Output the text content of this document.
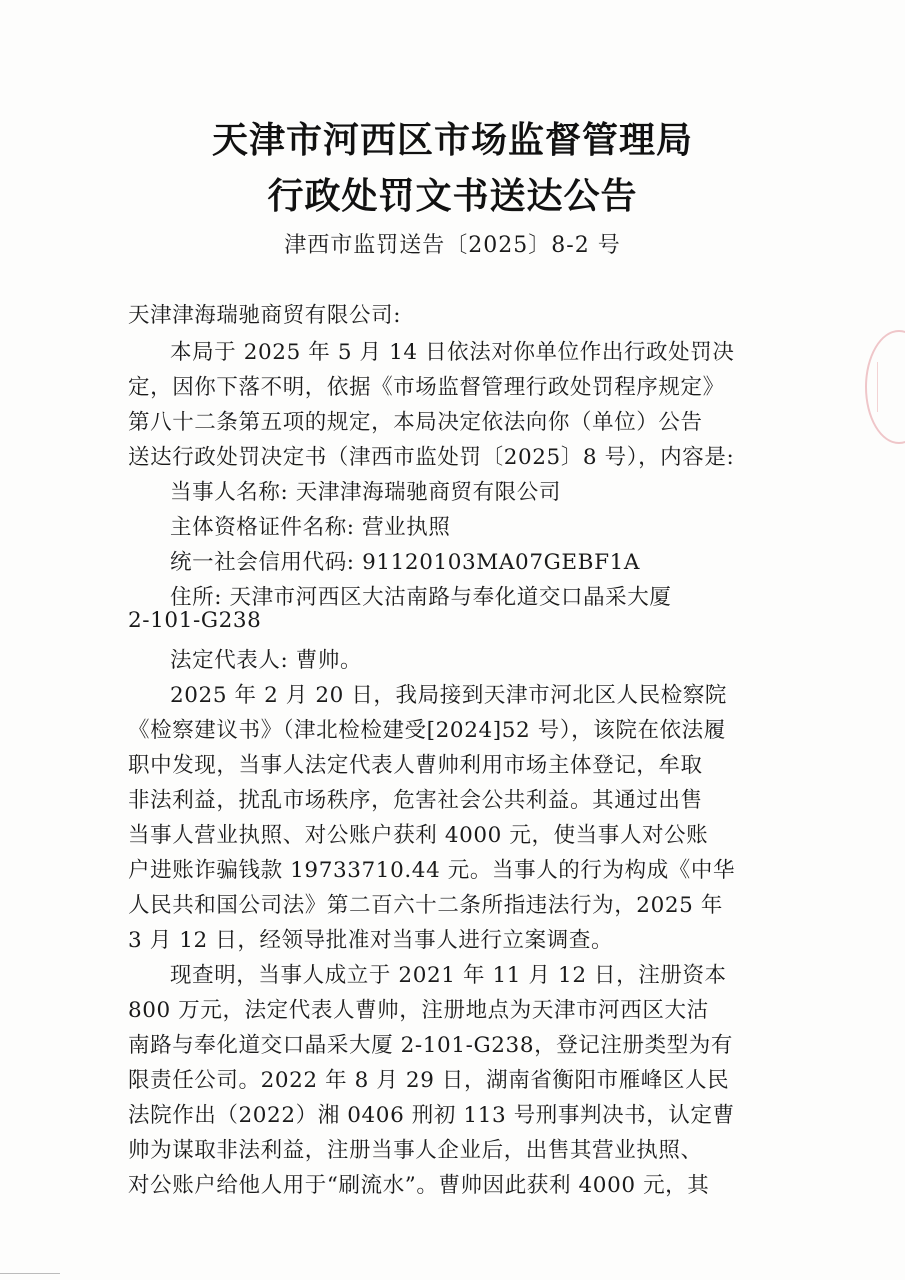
天津市河西区市场监督管理局
行政处罚文书送达公告
津西市监罚送告〔2025〕8-2 号
天津津海瑞驰商贸有限公司:
本局于 2025 年 5 月 14 日依法对你单位作出行政处罚决
定，因你下落不明，依据《市场监督管理行政处罚程序规定》
第八十二条第五项的规定，本局决定依法向你（单位）公告
送达行政处罚决定书（津西市监处罚〔2025〕8 号），内容是:
当事人名称: 天津津海瑞驰商贸有限公司
主体资格证件名称: 营业执照
统一社会信用代码: 91120103MA07GEBF1A
住所: 天津市河西区大沽南路与奉化道交口晶采大厦
2-101-G238
法定代表人: 曹帅。
2025 年 2 月 20 日，我局接到天津市河北区人民检察院
《检察建议书》（津北检检建受[2024]52 号），该院在依法履
职中发现，当事人法定代表人曹帅利用市场主体登记，牟取
非法利益，扰乱市场秩序，危害社会公共利益。其通过出售
当事人营业执照、对公账户获利 4000 元，使当事人对公账
户进账诈骗钱款 19733710.44 元。当事人的行为构成《中华
人民共和国公司法》第二百六十二条所指违法行为，2025 年
3 月 12 日，经领导批准对当事人进行立案调查。
现查明，当事人成立于 2021 年 11 月 12 日，注册资本
800 万元，法定代表人曹帅，注册地点为天津市河西区大沽
南路与奉化道交口晶采大厦 2-101-G238，登记注册类型为有
限责任公司。2022 年 8 月 29 日，湖南省衡阳市雁峰区人民
法院作出（2022）湘 0406 刑初 113 号刑事判决书，认定曹
帅为谋取非法利益，注册当事人企业后，出售其营业执照、
对公账户给他人用于“刷流水”。曹帅因此获利 4000 元，其
